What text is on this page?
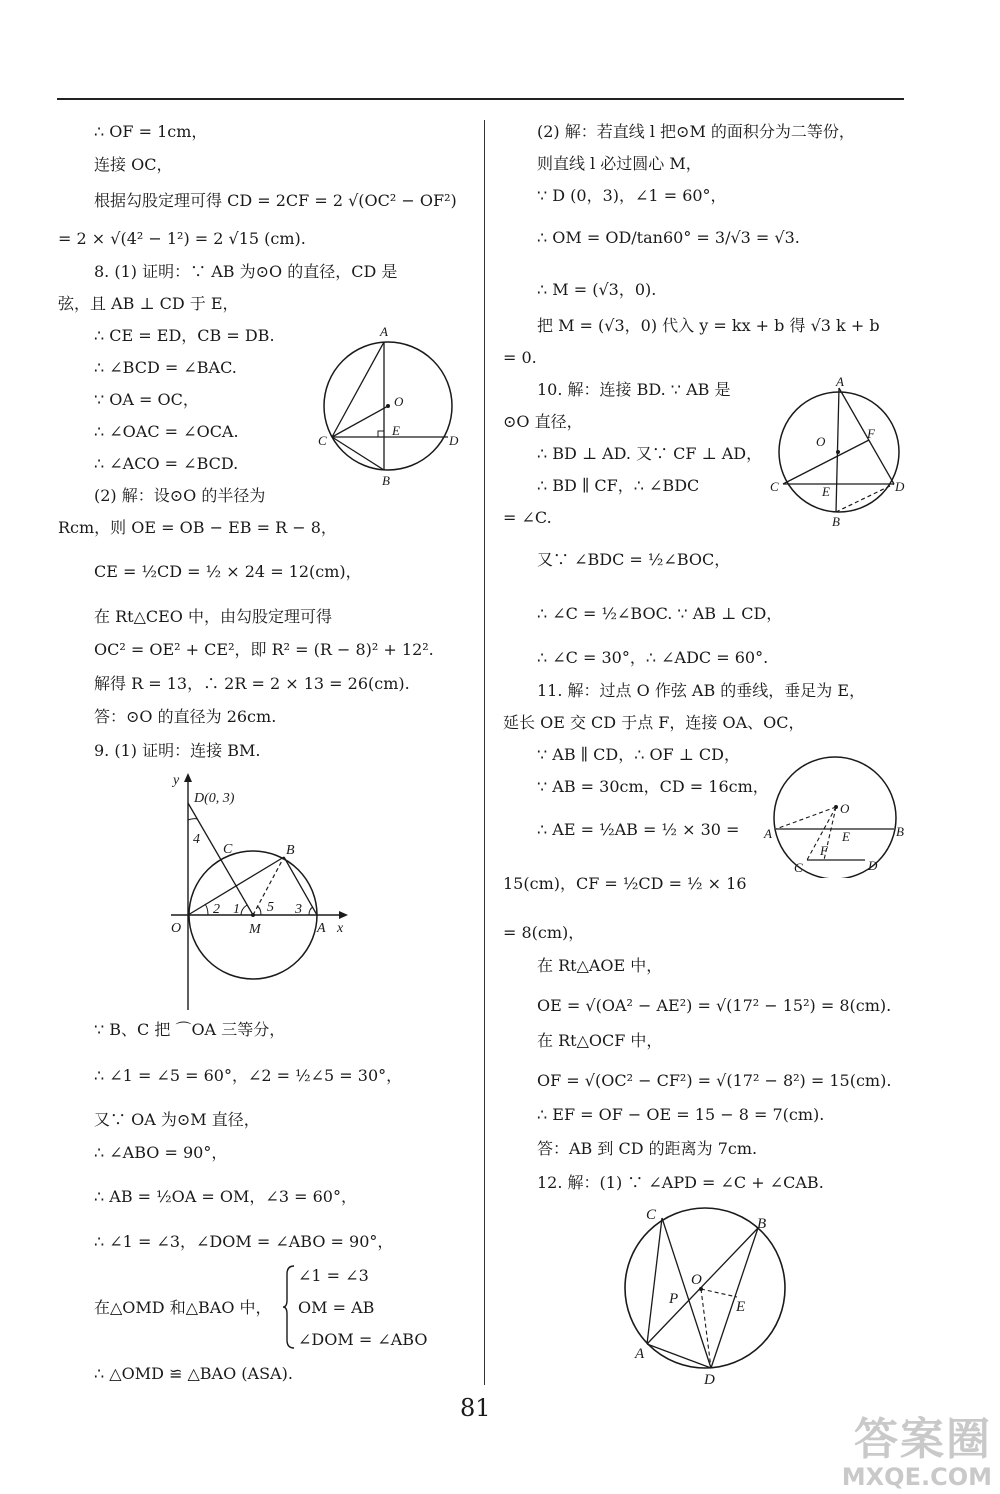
∴ OF = 1cm，
连接 OC，
根据勾股定理可得 CD = 2CF = 2 √(OC² − OF²)
= 2 × √(4² − 1²) = 2 √15 (cm).
8. (1) 证明：∵ AB 为⊙O 的直径，CD 是
弦，且 AB ⊥ CD 于 E，
∴ CE = ED，CB = DB.
∴ ∠BCD = ∠BAC.
∵ OA = OC，
∴ ∠OAC = ∠OCA.
∴ ∠ACO = ∠BCD.
(2) 解：设⊙O 的半径为
Rcm，则 OE = OB − EB = R − 8，
CE = ½CD = ½ × 24 = 12(cm)，
在 Rt△CEO 中，由勾股定理可得
OC² = OE² + CE²，即 R² = (R − 8)² + 12².
解得 R = 13，∴ 2R = 2 × 13 = 26(cm).
答：⊙O 的直径为 26cm.
9. (1) 证明：连接 BM.
∵ B、C 把 ⌒OA 三等分，
∴ ∠1 = ∠5 = 60°，∠2 = ½∠5 = 30°，
又∵ OA 为⊙M 直径，
∴ ∠ABO = 90°，
∴ AB = ½OA = OM，∠3 = 60°，
∴ ∠1 = ∠3，∠DOM = ∠ABO = 90°，
在△OMD 和△BAO 中，
∠1 = ∠3
OM = AB
∠DOM = ∠ABO
∴ △OMD ≌ △BAO (ASA).
(2) 解：若直线 l 把⊙M 的面积分为二等份，
则直线 l 必过圆心 M，
∵ D (0，3)，∠1 = 60°，
∴ OM = OD/tan60° = 3/√3 = √3.
∴ M = (√3，0).
把 M = (√3，0) 代入 y = kx + b 得 √3 k + b
= 0.
10. 解：连接 BD. ∵ AB 是
⊙O 直径，
∴ BD ⊥ AD. 又∵ CF ⊥ AD，
∴ BD ∥ CF，∴ ∠BDC
= ∠C.
又∵ ∠BDC = ½∠BOC，
∴ ∠C = ½∠BOC. ∵ AB ⊥ CD，
∴ ∠C = 30°，∴ ∠ADC = 60°.
11. 解：过点 O 作弦 AB 的垂线，垂足为 E，
延长 OE 交 CD 于点 F，连接 OA、OC，
∵ AB ∥ CD，∴ OF ⊥ CD，
∵ AB = 30cm，CD = 16cm，
∴ AE = ½AB = ½ × 30 =
15(cm)，CF = ½CD = ½ × 16
= 8(cm)，
在 Rt△AOE 中，
OE = √(OA² − AE²) = √(17² − 15²) = 8(cm).
在 Rt△OCF 中，
OF = √(OC² − CF²) = √(17² − 8²) = 15(cm).
∴ EF = OF − OE = 15 − 8 = 7(cm).
答：AB 到 CD 的距离为 7cm.
12. 解：(1) ∵ ∠APD = ∠C + ∠CAB.
A
O
E
C	D
B
y
D(0, 3)
4
C	B
2 1 5 3
O	M	A x
A
O
F
C	E	D
B
O
A	E	B
F
C	D
C
B
O
P	E
A
D
81
答案圈
MXQE.COM
